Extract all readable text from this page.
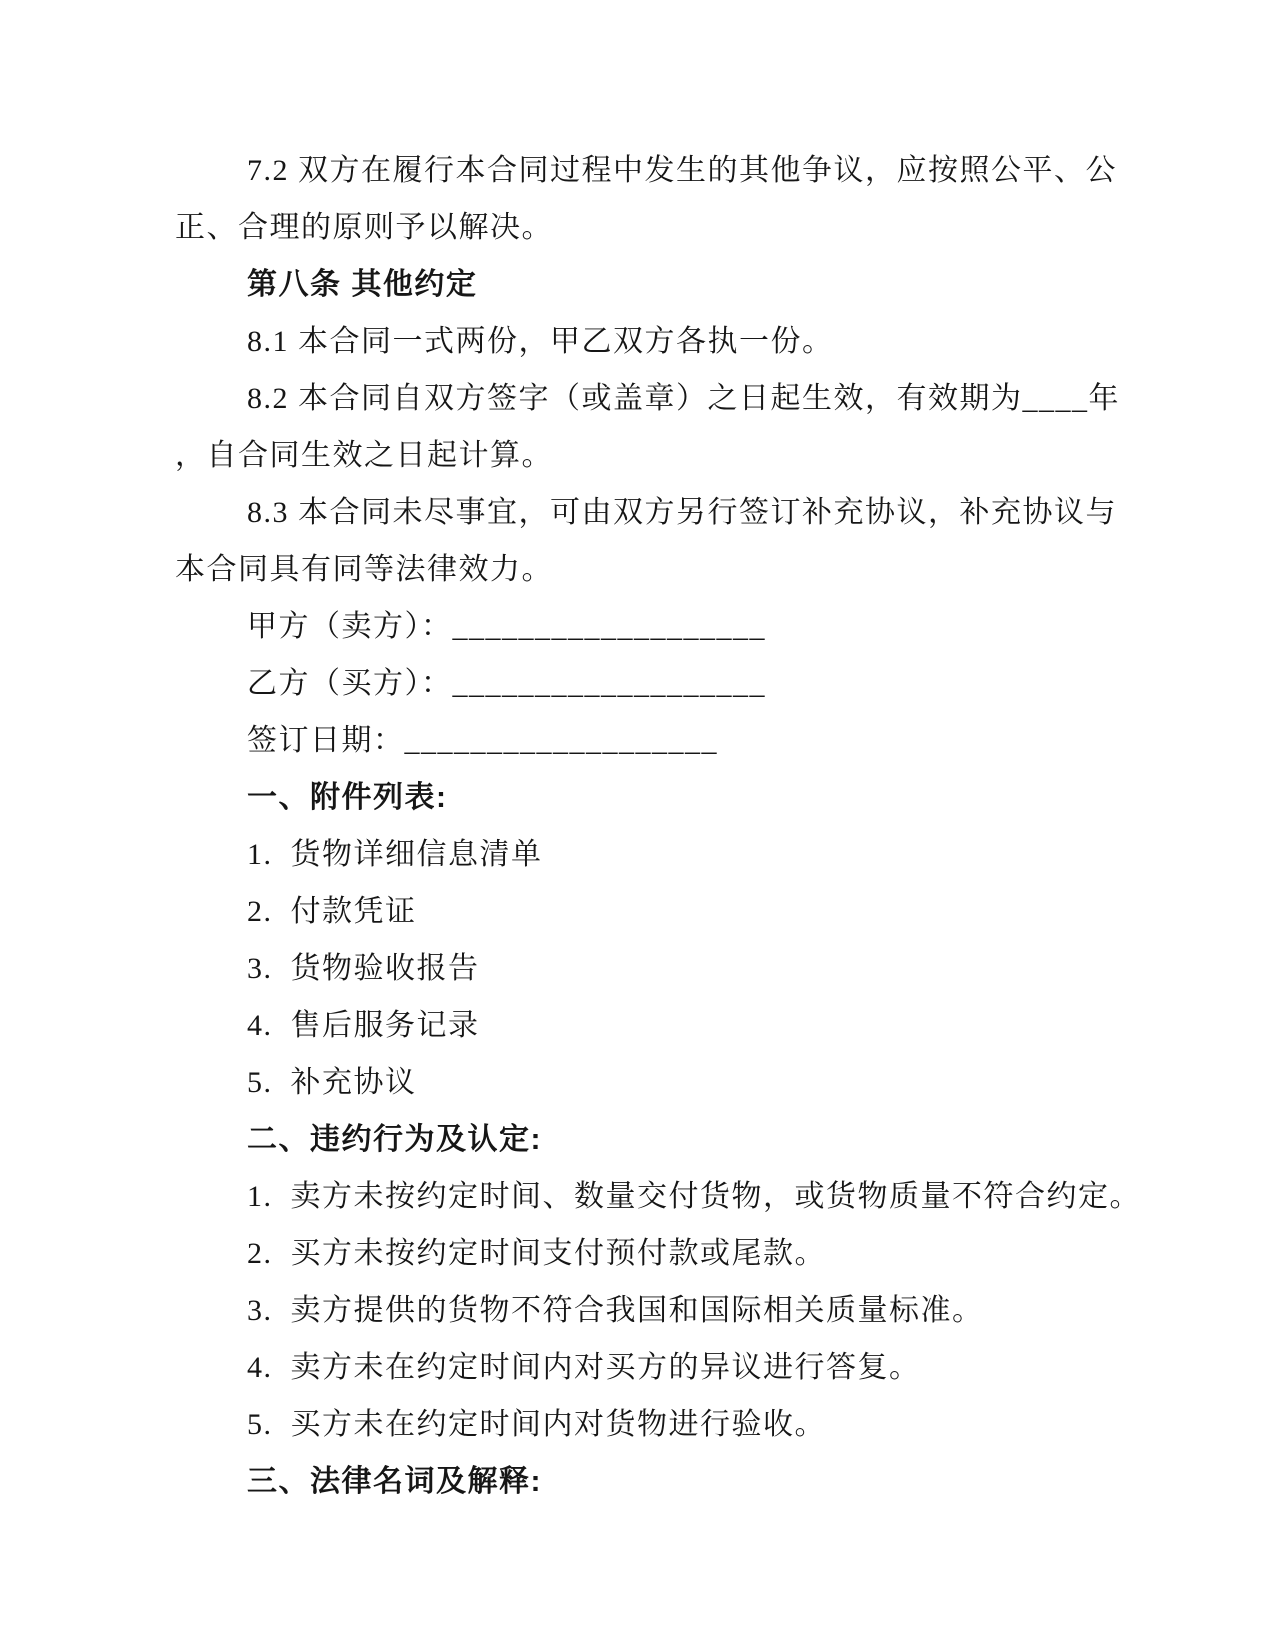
7.2 双方在履行本合同过程中发生的其他争议，应按照公平、公
正、合理的原则予以解决。
第八条 其他约定
8.1 本合同一式两份，甲乙双方各执一份。
8.2 本合同自双方签字（或盖章）之日起生效，有效期为____年
，自合同生效之日起计算。
8.3 本合同未尽事宜，可由双方另行签订补充协议，补充协议与
本合同具有同等法律效力。
甲方（卖方）：___________________
乙方（买方）：___________________
签订日期：___________________
一、附件列表:
1.  货物详细信息清单
2.  付款凭证
3.  货物验收报告
4.  售后服务记录
5.  补充协议
二、违约行为及认定:
1.  卖方未按约定时间、数量交付货物，或货物质量不符合约定。
2.  买方未按约定时间支付预付款或尾款。
3.  卖方提供的货物不符合我国和国际相关质量标准。
4.  卖方未在约定时间内对买方的异议进行答复。
5.  买方未在约定时间内对货物进行验收。
三、法律名词及解释:
